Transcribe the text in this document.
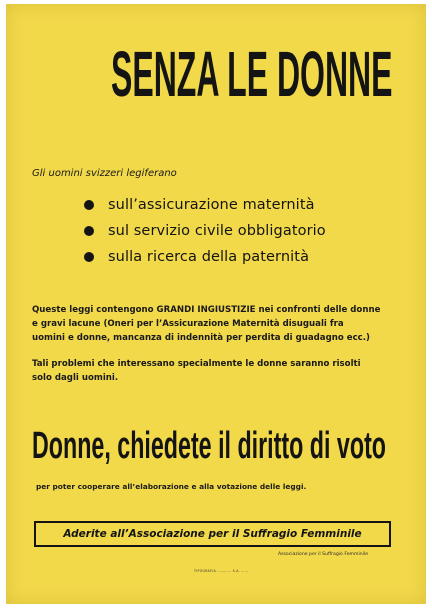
SENZA LE DONNE
Gli uomini svizzeri legiferano
sull’assicurazione maternità
sul servizio civile obbligatorio
sulla ricerca della paternità
Queste leggi contengono GRANDI INGIUSTIZIE nei confronti delle donne
e gravi lacune (Oneri per l’Assicurazione Maternità disuguali fra
uomini e donne, mancanza di indennità per perdita di guadagno ecc.)
Tali problemi che interessano specialmente le donne saranno risolti
solo dagli uomini.
Donne, chiedete il diritto di voto
per poter cooperare all’elaborazione e alla votazione delle leggi.
Aderite all’Associazione per il Suffragio Femminile
Associazione per il Suffragio Femminile
TIPOGRAFIA ………… S.A. ……
